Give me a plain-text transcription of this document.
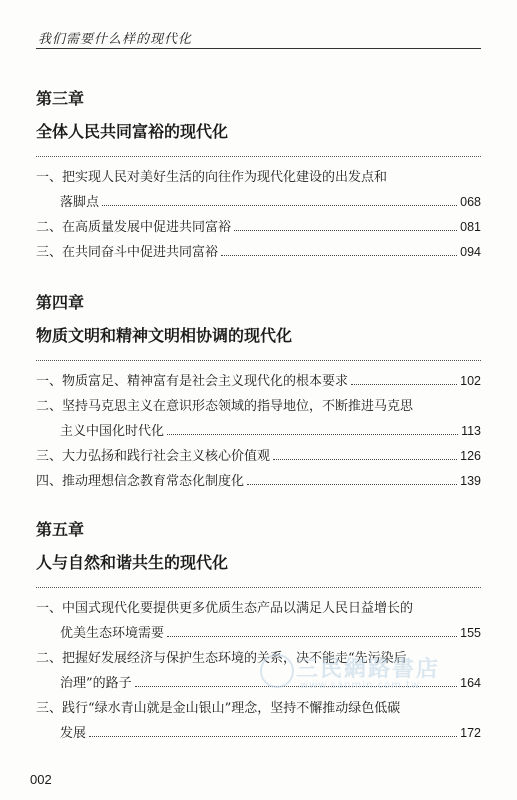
我们需要什么样的现代化
第三章
全体人民共同富裕的现代化
一、把实现人民对美好生活的向往作为现代化建设的出发点和
落脚点	068
二、在高质量发展中促进共同富裕	081
三、在共同奋斗中促进共同富裕	094
第四章
物质文明和精神文明相协调的现代化
一、物质富足、精神富有是社会主义现代化的根本要求	102
二、坚持马克思主义在意识形态领域的指导地位，不断推进马克思
主义中国化时代化	113
三、大力弘扬和践行社会主义核心价值观	126
四、推动理想信念教育常态化制度化	139
第五章
人与自然和谐共生的现代化
一、中国式现代化要提供更多优质生态产品以满足人民日益增长的
优美生态环境需要	155
二、把握好发展经济与保护生态环境的关系，决不能走“先污染后
治理”的路子	164
三、践行“绿水青山就是金山银山”理念，坚持不懈推动绿色低碳
发展	172
三民網路書店
www.sanmin.com.tw
002
